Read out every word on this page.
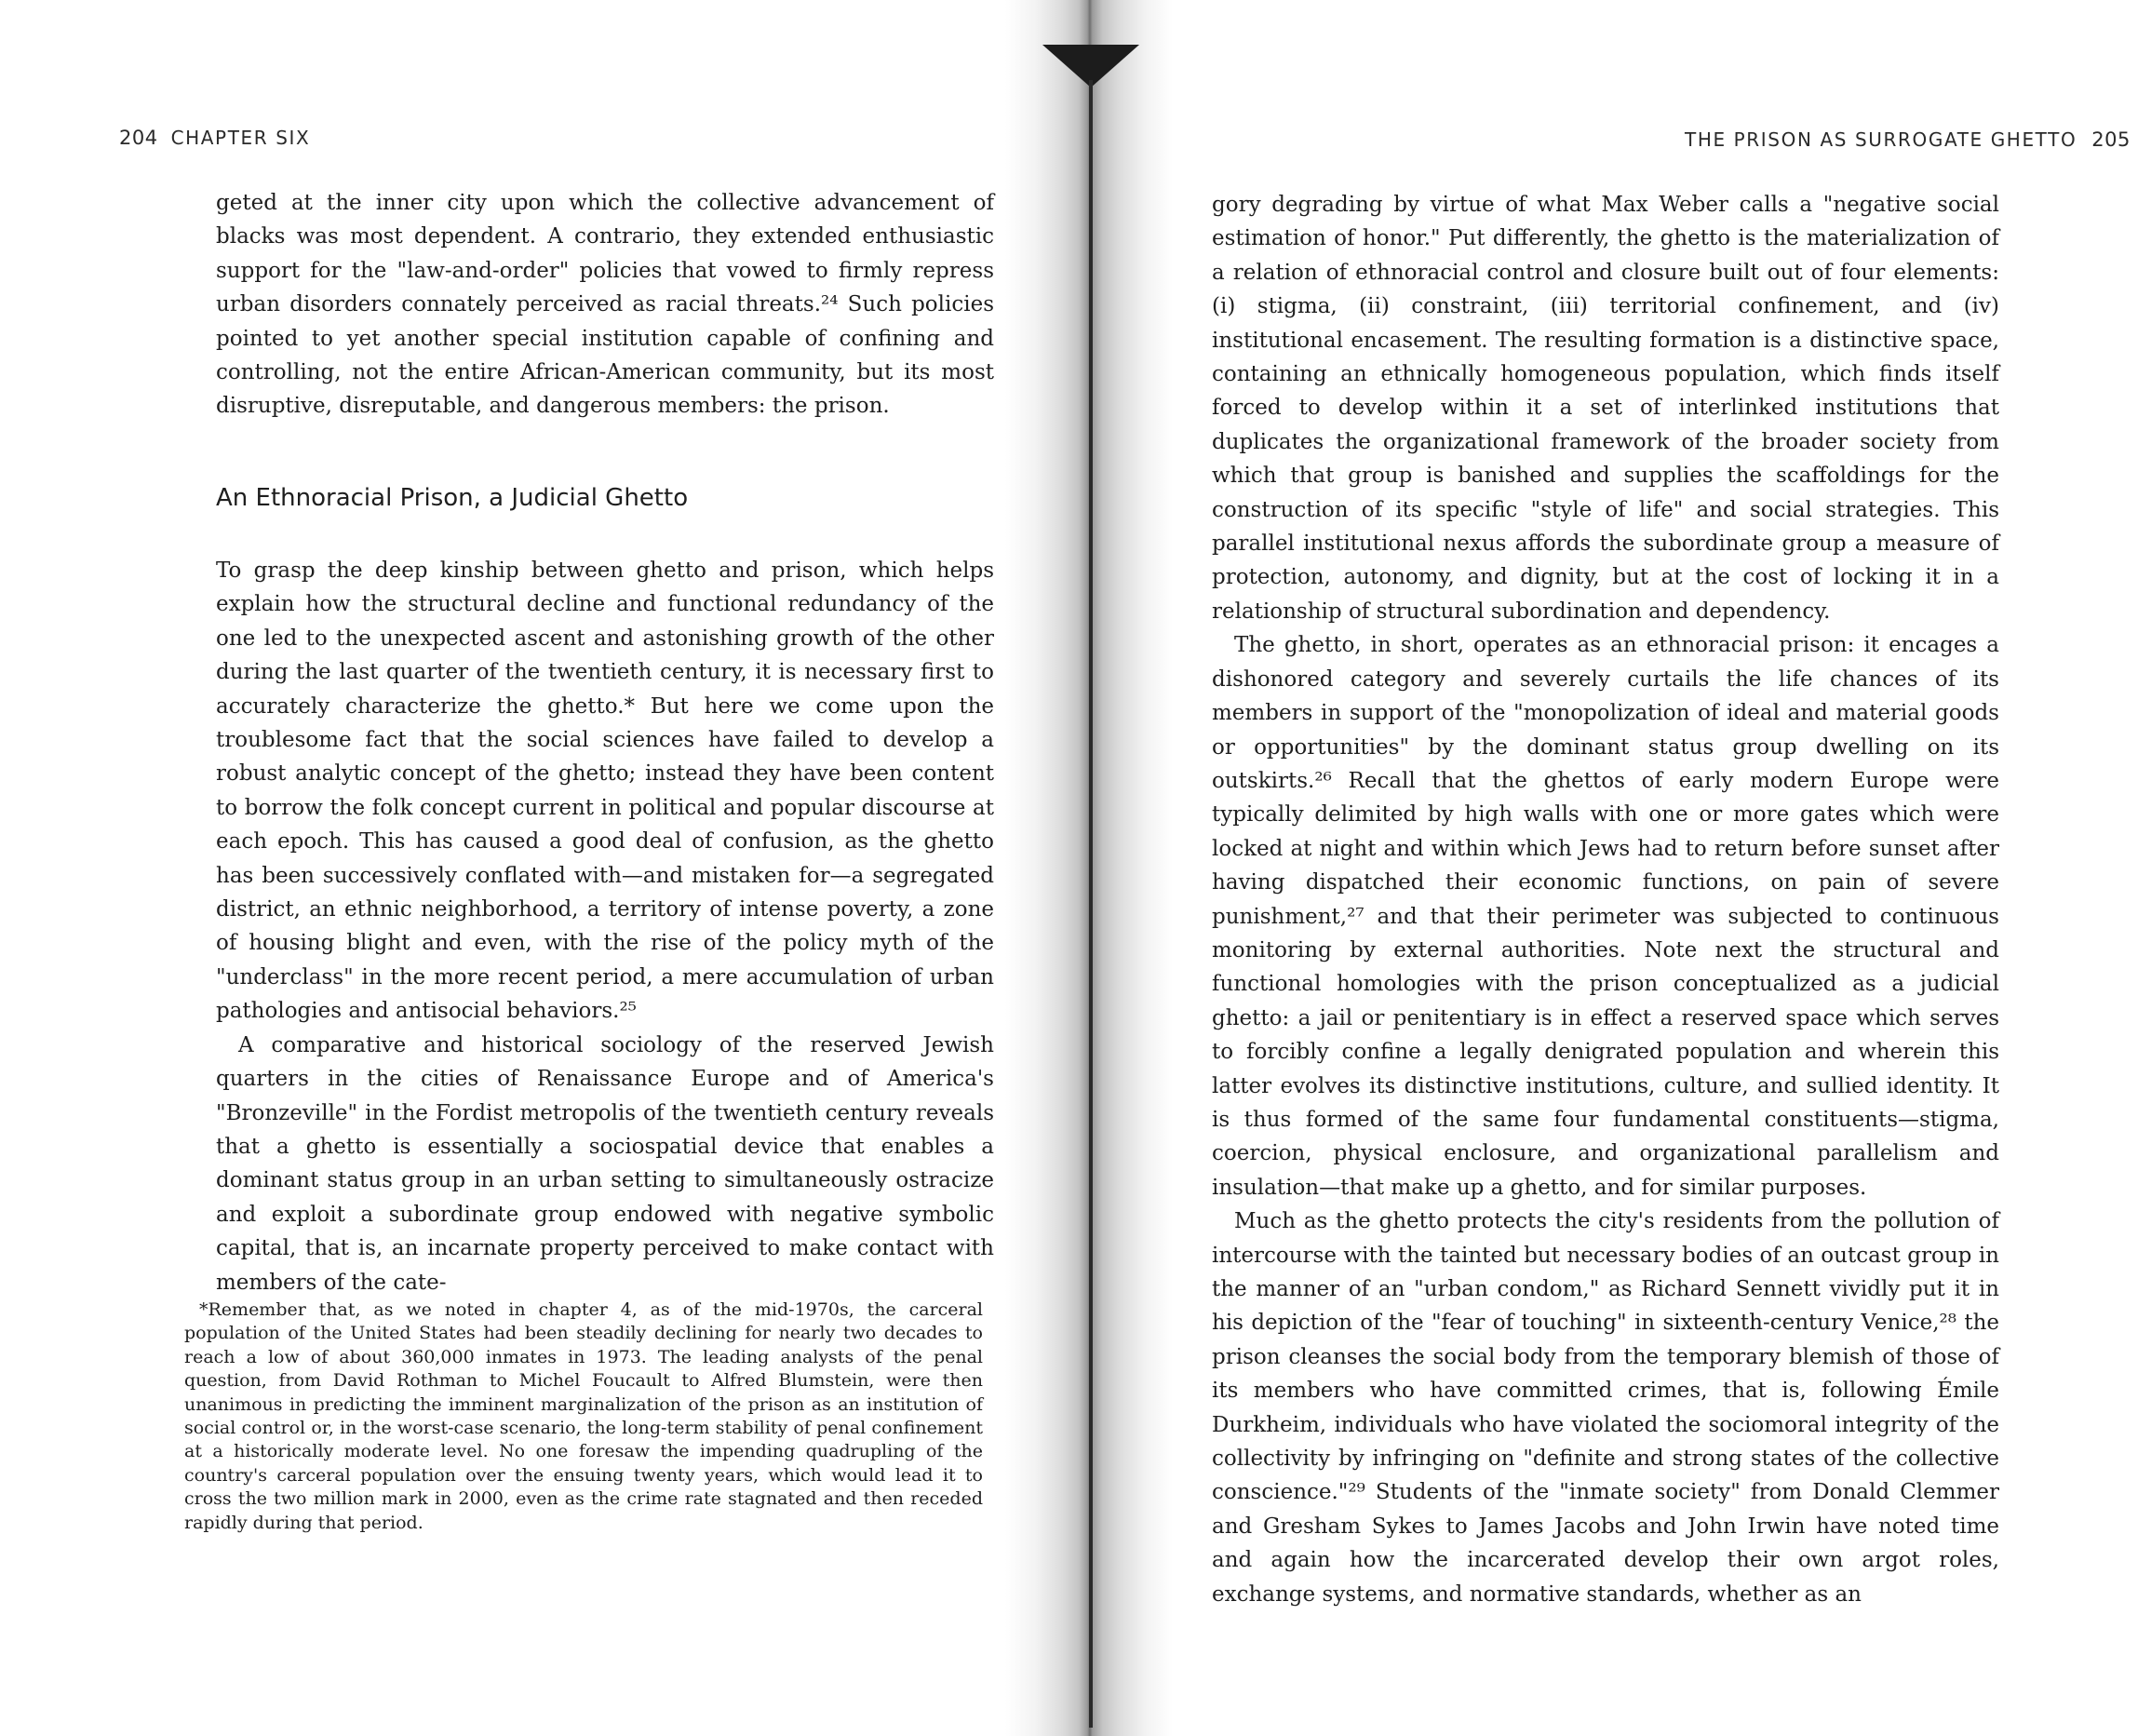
204 CHAPTER SIX

geted at the inner city upon which the collective advancement of blacks was most dependent. A contrario, they extended enthusiastic support for the "law-and-order" policies that vowed to firmly repress urban disorders connately perceived as racial threats.²⁴ Such policies pointed to yet another special institution capable of confining and controlling, not the entire African-American community, but its most disruptive, disreputable, and dangerous members: the prison.

An Ethnoracial Prison, a Judicial Ghetto

To grasp the deep kinship between ghetto and prison, which helps explain how the structural decline and functional redundancy of the one led to the unexpected ascent and astonishing growth of the other during the last quarter of the twentieth century, it is necessary first to accurately characterize the ghetto.* But here we come upon the troublesome fact that the social sciences have failed to develop a robust analytic concept of the ghetto; instead they have been content to borrow the folk concept current in political and popular discourse at each epoch. This has caused a good deal of confusion, as the ghetto has been successively conflated with—and mistaken for—a segregated district, an ethnic neighborhood, a territory of intense poverty, a zone of housing blight and even, with the rise of the policy myth of the "underclass" in the more recent period, a mere accumulation of urban pathologies and antisocial behaviors.²⁵

A comparative and historical sociology of the reserved Jewish quarters in the cities of Renaissance Europe and of America's "Bronzeville" in the Fordist metropolis of the twentieth century reveals that a ghetto is essentially a sociospatial device that enables a dominant status group in an urban setting to simultaneously ostracize and exploit a subordinate group endowed with negative symbolic capital, that is, an incarnate property perceived to make contact with members of the cate-

*Remember that, as we noted in chapter 4, as of the mid-1970s, the carceral population of the United States had been steadily declining for nearly two decades to reach a low of about 360,000 inmates in 1973. The leading analysts of the penal question, from David Rothman to Michel Foucault to Alfred Blumstein, were then unanimous in predicting the imminent marginalization of the prison as an institution of social control or, in the worst-case scenario, the long-term stability of penal confinement at a historically moderate level. No one foresaw the impending quadrupling of the country's carceral population over the ensuing twenty years, which would lead it to cross the two million mark in 2000, even as the crime rate stagnated and then receded rapidly during that period.

THE PRISON AS SURROGATE GHETTO 205

gory degrading by virtue of what Max Weber calls a "negative social estimation of honor." Put differently, the ghetto is the materialization of a relation of ethnoracial control and closure built out of four elements: (i) stigma, (ii) constraint, (iii) territorial confinement, and (iv) institutional encasement. The resulting formation is a distinctive space, containing an ethnically homogeneous population, which finds itself forced to develop within it a set of interlinked institutions that duplicates the organizational framework of the broader society from which that group is banished and supplies the scaffoldings for the construction of its specific "style of life" and social strategies. This parallel institutional nexus affords the subordinate group a measure of protection, autonomy, and dignity, but at the cost of locking it in a relationship of structural subordination and dependency.

The ghetto, in short, operates as an ethnoracial prison: it encages a dishonored category and severely curtails the life chances of its members in support of the "monopolization of ideal and material goods or opportunities" by the dominant status group dwelling on its outskirts.²⁶ Recall that the ghettos of early modern Europe were typically delimited by high walls with one or more gates which were locked at night and within which Jews had to return before sunset after having dispatched their economic functions, on pain of severe punishment,²⁷ and that their perimeter was subjected to continuous monitoring by external authorities. Note next the structural and functional homologies with the prison conceptualized as a judicial ghetto: a jail or penitentiary is in effect a reserved space which serves to forcibly confine a legally denigrated population and wherein this latter evolves its distinctive institutions, culture, and sullied identity. It is thus formed of the same four fundamental constituents—stigma, coercion, physical enclosure, and organizational parallelism and insulation—that make up a ghetto, and for similar purposes.

Much as the ghetto protects the city's residents from the pollution of intercourse with the tainted but necessary bodies of an outcast group in the manner of an "urban condom," as Richard Sennett vividly put it in his depiction of the "fear of touching" in sixteenth-century Venice,²⁸ the prison cleanses the social body from the temporary blemish of those of its members who have committed crimes, that is, following Émile Durkheim, individuals who have violated the sociomoral integrity of the collectivity by infringing on "definite and strong states of the collective conscience."²⁹ Students of the "inmate society" from Donald Clemmer and Gresham Sykes to James Jacobs and John Irwin have noted time and again how the incarcerated develop their own argot roles, exchange systems, and normative standards, whether as an
